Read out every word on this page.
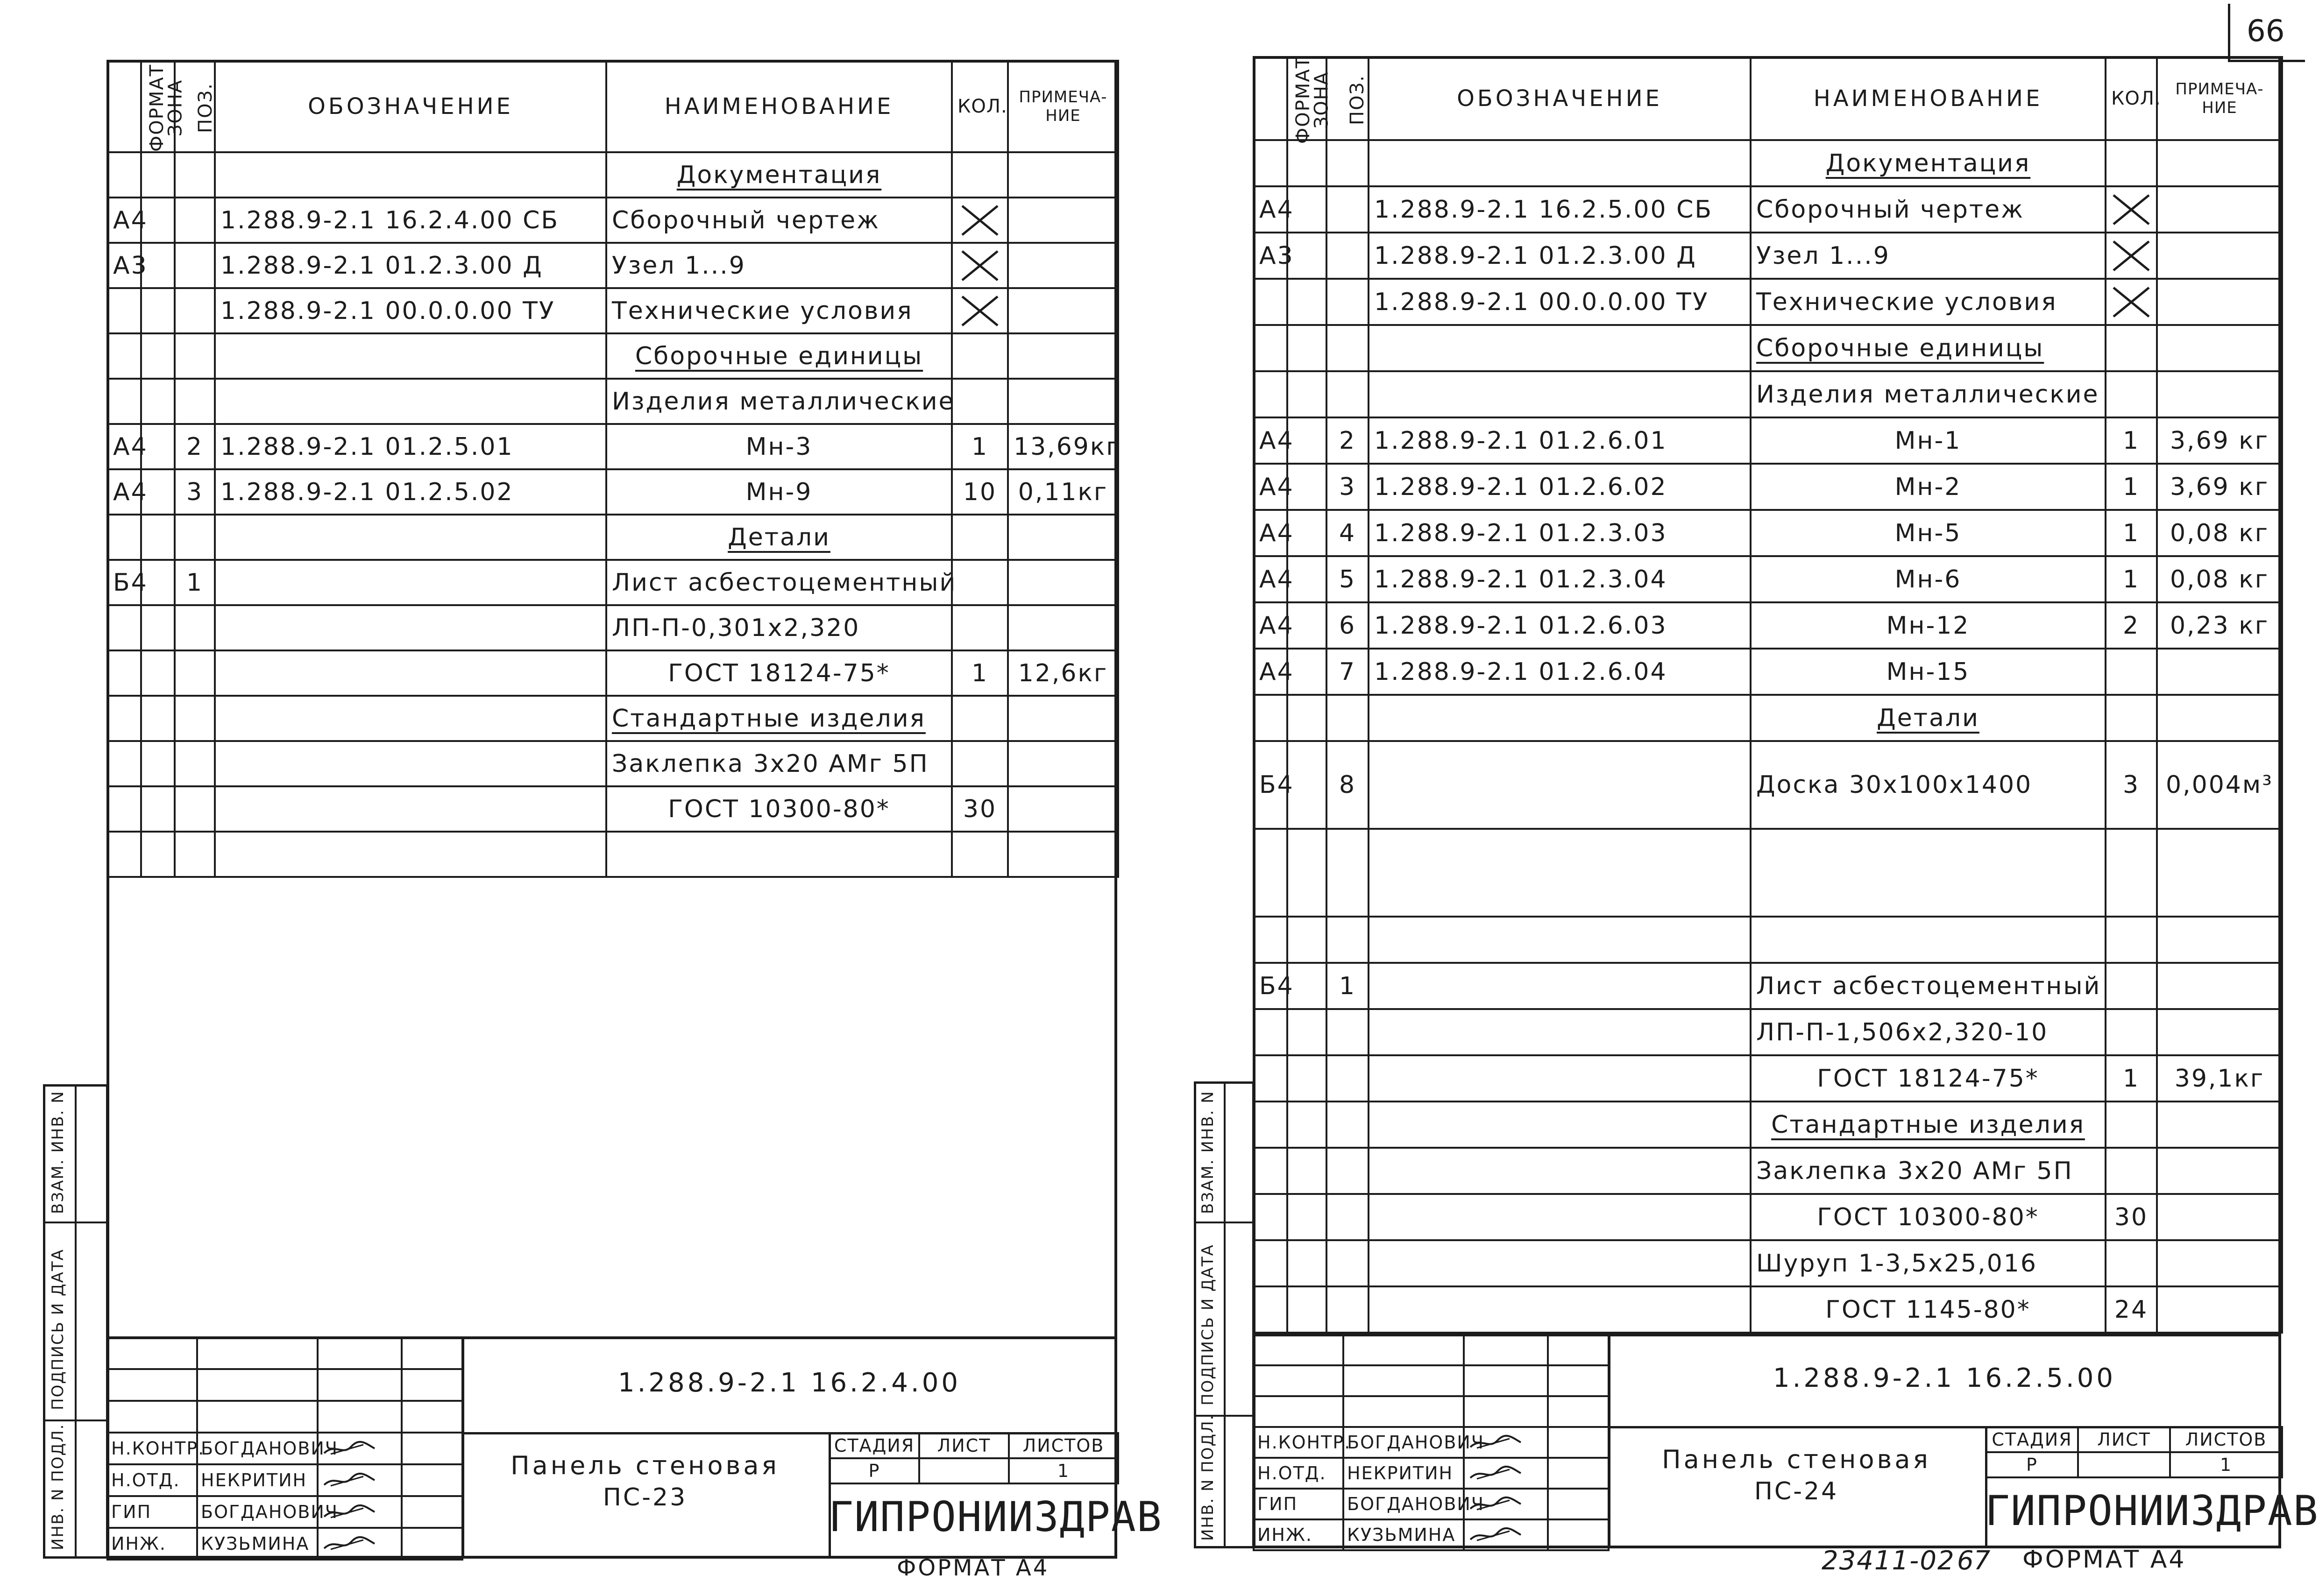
ФОРМАТ	ЗОНА	ПОЗ.	ОБОЗНАЧЕНИЕ	НАИМЕНОВАНИЕ	КОЛ.	ПРИМЕЧА-НИЕ
				Документация		
А4			1.288.9-2.1 16.2.4.00 СБ	Сборочный чертеж	

А3			1.288.9-2.1 01.2.3.00 Д	Узел 1...9	

			1.288.9-2.1 00.0.0.00 ТУ	Технические условия	

				Сборочные единицы		
				Изделия металлические		
А4		2	1.288.9-2.1 01.2.5.01	Мн-3	1	13,69кг
А4		3	1.288.9-2.1 01.2.5.02	Мн-9	10	0,11кг
				Детали		
Б4		1		Лист асбестоцементный		
				ЛП-П-0,301х2,320		
				ГОСТ 18124-75*	1	12,6кг
				Стандартные изделия		
				Заклепка 3х20 АМг 5П		
				ГОСТ 10300-80*	30	

ВЗАМ. ИНВ. N
ПОДПИСЬ И ДАТА
ИНВ. N ПОДЛ.

			Н.КОНТР.	БОГДАНОВИЧ	

Н.ОТД.	НЕКРИТИН	

ГИП	БОГДАНОВИЧ	

ИНЖ.	КУЗЬМИНА	

1.288.9-2.1 16.2.4.00
Панель стеновая
ПС-23
СТАДИЯ	ЛИСТ	ЛИСТОВ
Р		1
ГИПРОНИИЗДРАВ
ФОРМАТ А4
66
ФОРМАТ	ЗОНА	ПОЗ.	ОБОЗНАЧЕНИЕ	НАИМЕНОВАНИЕ	КОЛ.	ПРИМЕЧА-НИЕ
				Документация		
А4			1.288.9-2.1 16.2.5.00 СБ	Сборочный чертеж	

А3			1.288.9-2.1 01.2.3.00 Д	Узел 1...9	

			1.288.9-2.1 00.0.0.00 ТУ	Технические условия	

				Сборочные единицы		
				Изделия металлические		
А4		2	1.288.9-2.1 01.2.6.01	Мн-1	1	3,69 кг
А4		3	1.288.9-2.1 01.2.6.02	Мн-2	1	3,69 кг
А4		4	1.288.9-2.1 01.2.3.03	Мн-5	1	0,08 кг
А4		5	1.288.9-2.1 01.2.3.04	Мн-6	1	0,08 кг
А4		6	1.288.9-2.1 01.2.6.03	Мн-12	2	0,23 кг
А4		7	1.288.9-2.1 01.2.6.04	Мн-15		
				Детали		
Б4		8		Доска 30х100х1400	3	0,004м³

Б4		1		Лист асбестоцементный		
				ЛП-П-1,506х2,320-10		
				ГОСТ 18124-75*	1	39,1кг
				Стандартные изделия		
				Заклепка 3х20 АМг 5П		
				ГОСТ 10300-80*	30	
				Шуруп 1-3,5х25,016		
				ГОСТ 1145-80*	24	
ВЗАМ. ИНВ. N
ПОДПИСЬ И ДАТА
ИНВ. N ПОДЛ.

			Н.КОНТР.	БОГДАНОВИЧ	

Н.ОТД.	НЕКРИТИН	

ГИП	БОГДАНОВИЧ	

ИНЖ.	КУЗЬМИНА	

1.288.9-2.1 16.2.5.00
Панель стеновая
ПС-24
СТАДИЯ	ЛИСТ	ЛИСТОВ
Р		1
ГИПРОНИИЗДРАВ
23411-02 67 ФОРМАТ А4
